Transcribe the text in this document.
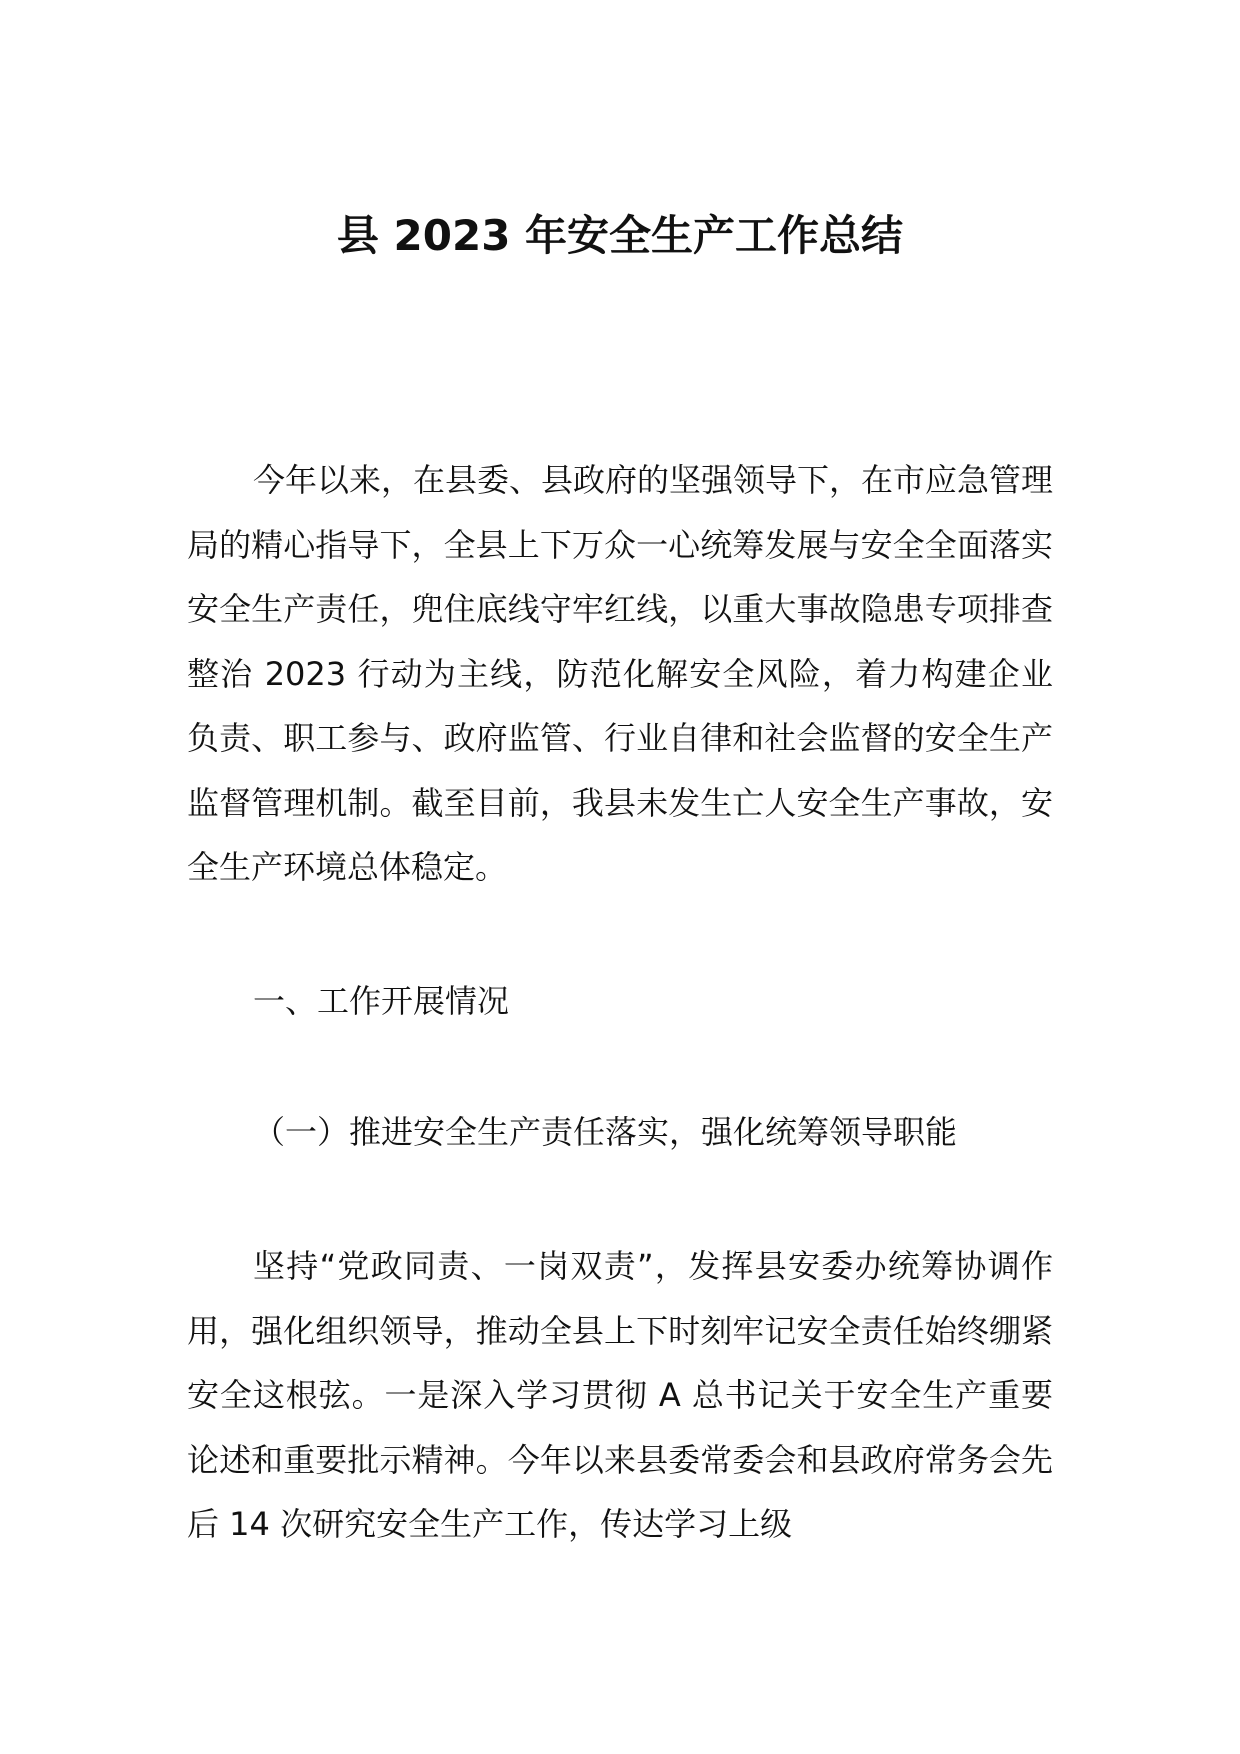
县 2023 年安全生产工作总结

今年以来，在县委、县政府的坚强领导下，在市应急管理局的精心指导下，全县上下万众一心统筹发展与安全全面落实安全生产责任，兜住底线守牢红线，以重大事故隐患专项排查整治 2023 行动为主线，防范化解安全风险，着力构建企业负责、职工参与、政府监管、行业自律和社会监督的安全生产监督管理机制。截至目前，我县未发生亡人安全生产事故，安全生产环境总体稳定。

一、工作开展情况

（一）推进安全生产责任落实，强化统筹领导职能

坚持“党政同责、一岗双责”，发挥县安委办统筹协调作用，强化组织领导，推动全县上下时刻牢记安全责任始终绷紧安全这根弦。一是深入学习贯彻 A 总书记关于安全生产重要论述和重要批示精神。今年以来县委常委会和县政府常务会先后 14 次研究安全生产工作，传达学习上级
